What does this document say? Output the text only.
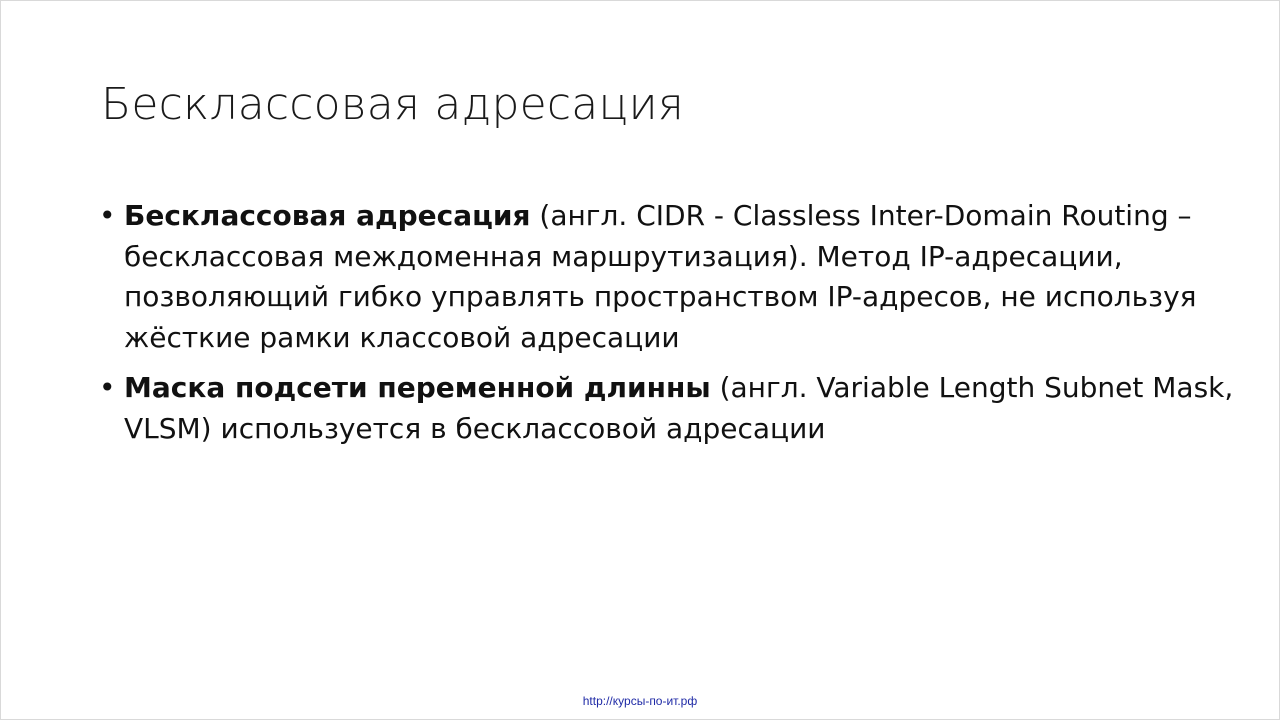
Бесклассовая адресация
• Бесклассовая адресация (англ. CIDR - Classless Inter-Domain Routing – бесклассовая междоменная маршрутизация). Метод IP-адресации, позволяющий гибко управлять пространством IP-адресов, не используя жёсткие рамки классовой адресации
• Маска подсети переменной длинны (англ. Variable Length Subnet Mask, VLSM) используется в бесклассовой адресации
http://курсы-по-ит.рф
